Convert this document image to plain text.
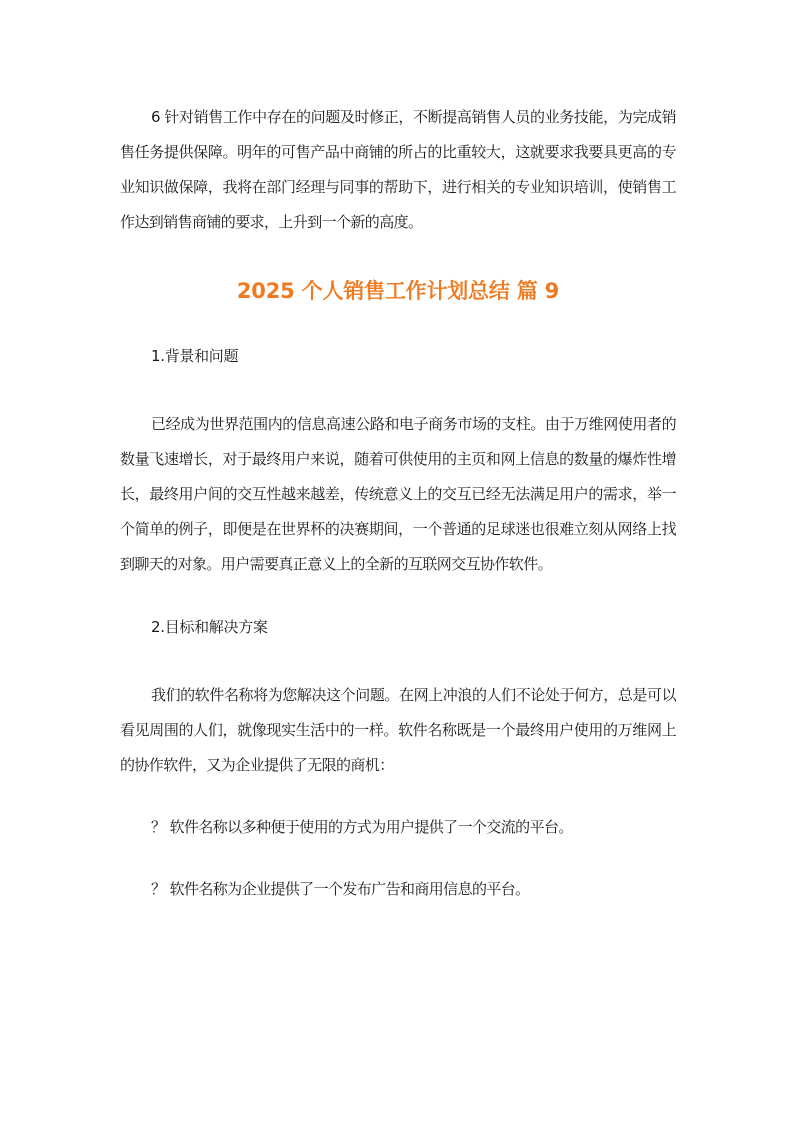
6 针对销售工作中存在的问题及时修正，不断提高销售人员的业务技能，为完成销售任务提供保障。明年的可售产品中商铺的所占的比重较大，这就要求我要具更高的专业知识做保障，我将在部门经理与同事的帮助下，进行相关的专业知识培训，使销售工作达到销售商铺的要求，上升到一个新的高度。

2025 个人销售工作计划总结 篇 9

1.背景和问题

已经成为世界范围内的信息高速公路和电子商务市场的支柱。由于万维网使用者的数量飞速增长，对于最终用户来说，随着可供使用的主页和网上信息的数量的爆炸性增长，最终用户间的交互性越来越差，传统意义上的交互已经无法满足用户的需求，举一个简单的例子，即便是在世界杯的决赛期间，一个普通的足球迷也很难立刻从网络上找到聊天的对象。用户需要真正意义上的全新的互联网交互协作软件。

2.目标和解决方案

我们的软件名称将为您解决这个问题。在网上冲浪的人们不论处于何方，总是可以看见周围的人们，就像现实生活中的一样。软件名称既是一个最终用户使用的万维网上的协作软件，又为企业提供了无限的商机：

？ 软件名称以多种便于使用的方式为用户提供了一个交流的平台。

？ 软件名称为企业提供了一个发布广告和商用信息的平台。
